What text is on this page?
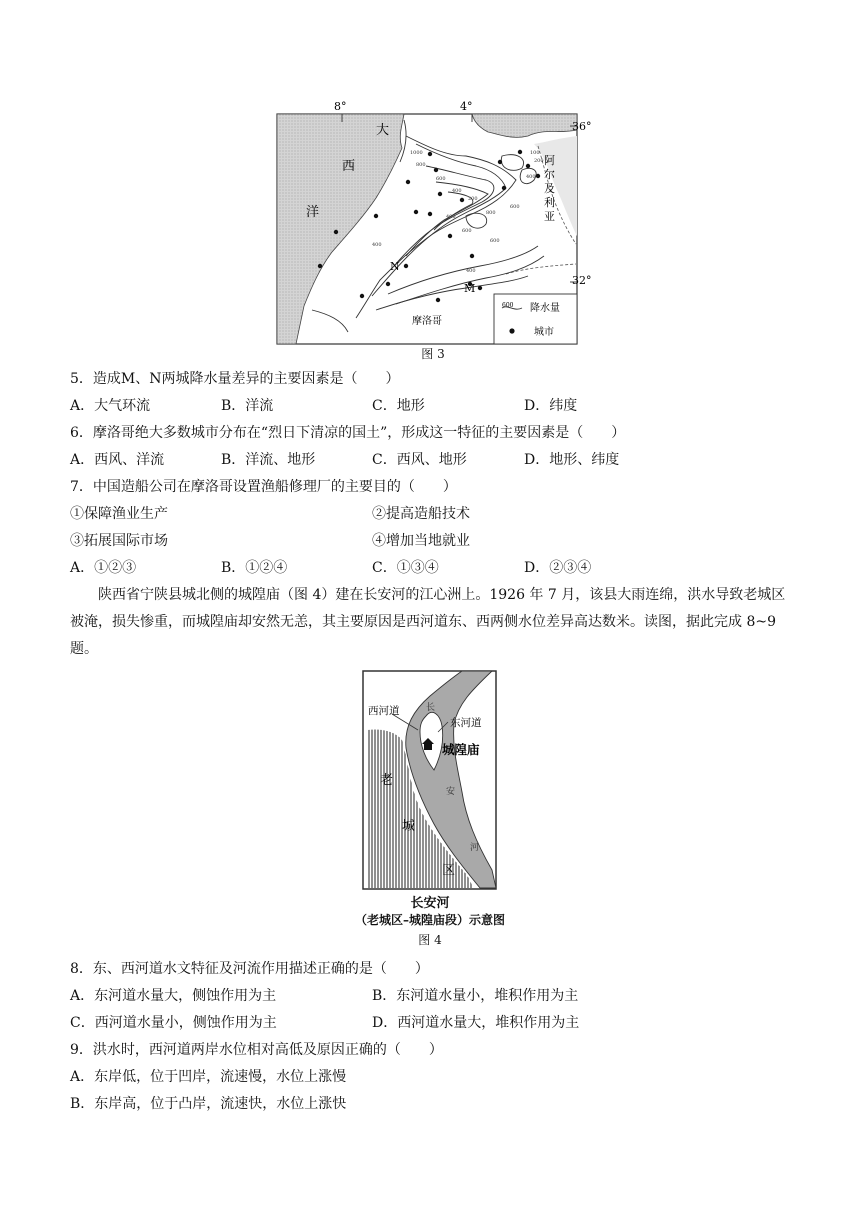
1000
800
600
400
200
400
600
800
600
400
200
100
400
600
400
8°	4°
36°
32°
大
西
洋
阿
尔
及
利
亚
摩洛哥
N
M
600 降水量
城市
图 3
5．造成M、N两城降水量差异的主要因素是（　　）
A．大气环流	B．洋流	C．地形	D．纬度
6．摩洛哥绝大多数城市分布在“烈日下清凉的国土”，形成这一特征的主要因素是（　　）
A．西风、洋流	B．洋流、地形	C．西风、地形	D．地形、纬度
7．中国造船公司在摩洛哥设置渔船修理厂的主要目的（　　）
①保障渔业生产	②提高造船技术
③拓展国际市场	④增加当地就业
A．①②③	B．①②④	C．①③④	D．②③④
陕西省宁陕县城北侧的城隍庙（图 4）建在长安河的江心洲上。1926 年 7 月，该县大雨连绵，洪水导致老城区被淹，损失惨重，而城隍庙却安然无恙，其主要原因是西河道东、西两侧水位差异高达数米。读图，据此完成 8~9 题。
西河道
东河道
城隍庙
老
城
区
长
安
河
长安河
（老城区–城隍庙段）示意图
图 4
8．东、西河道水文特征及河流作用描述正确的是（　　）
A．东河道水量大，侧蚀作用为主	B．东河道水量小，堆积作用为主
C．西河道水量小，侧蚀作用为主	D．西河道水量大，堆积作用为主
9．洪水时，西河道两岸水位相对高低及原因正确的（　　）
A．东岸低，位于凹岸，流速慢，水位上涨慢
B．东岸高，位于凸岸，流速快，水位上涨快
